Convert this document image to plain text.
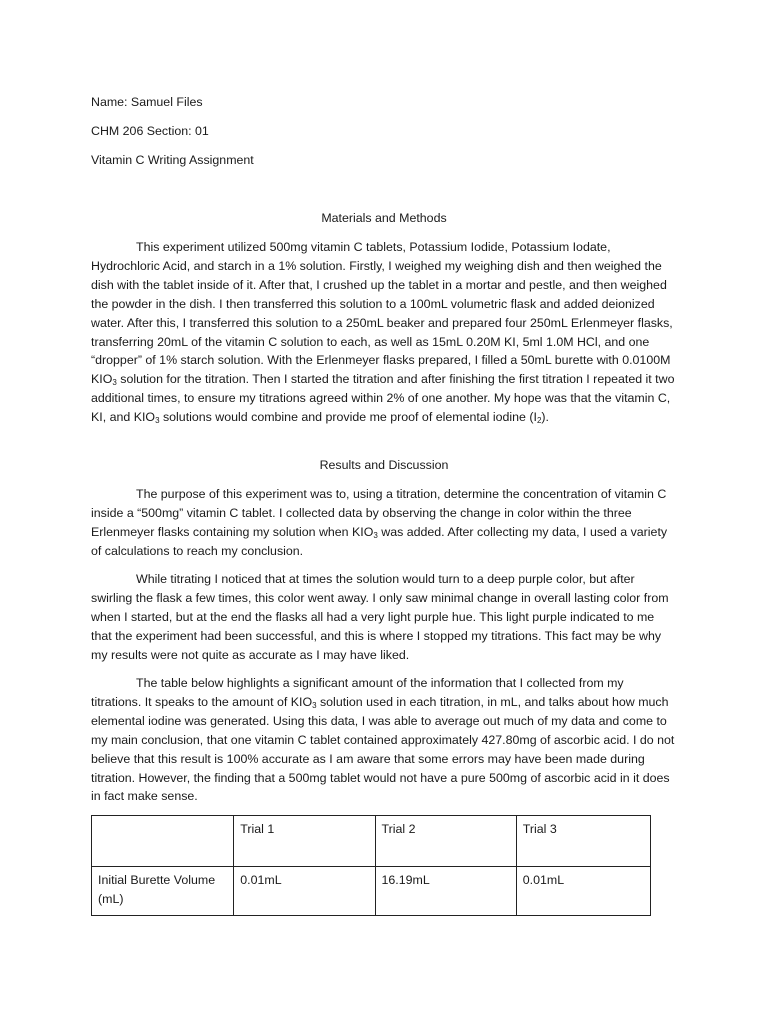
Name: Samuel Files
CHM 206 Section: 01
Vitamin C Writing Assignment
Materials and Methods

This experiment utilized 500mg vitamin C tablets, Potassium Iodide, Potassium Iodate, Hydrochloric Acid, and starch in a 1% solution. Firstly, I weighed my weighing dish and then weighed the dish with the tablet inside of it. After that, I crushed up the tablet in a mortar and pestle, and then weighed the powder in the dish. I then transferred this solution to a 100mL volumetric flask and added deionized water. After this, I transferred this solution to a 250mL beaker and prepared four 250mL Erlenmeyer flasks, transferring 20mL of the vitamin C solution to each, as well as 15mL 0.20M KI, 5ml 1.0M HCl, and one “dropper” of 1% starch solution. With the Erlenmeyer flasks prepared, I filled a 50mL burette with 0.0100M $KIO_3$ solution for the titration. Then I started the titration and after finishing the first titration I repeated it two additional times, to ensure my titrations agreed within 2% of one another. My hope was that the vitamin C, KI, and $KIO_3$ solutions would combine and provide me proof of elemental iodine $(I_2)$.

Results and Discussion

The purpose of this experiment was to, using a titration, determine the concentration of vitamin C inside a “500mg” vitamin C tablet. I collected data by observing the change in color within the three Erlenmeyer flasks containing my solution when $KIO_3$ was added. After collecting my data, I used a variety of calculations to reach my conclusion.

While titrating I noticed that at times the solution would turn to a deep purple color, but after swirling the flask a few times, this color went away. I only saw minimal change in overall lasting color from when I started, but at the end the flasks all had a very light purple hue. This light purple indicated to me that the experiment had been successful, and this is where I stopped my titrations. This fact may be why my results were not quite as accurate as I may have liked.

The table below highlights a significant amount of the information that I collected from my titrations. It speaks to the amount of $KIO_3$ solution used in each titration, in mL, and talks about how much elemental iodine was generated. Using this data, I was able to average out much of my data and come to my main conclusion, that one vitamin C tablet contained approximately 427.80mg of ascorbic acid. I do not believe that this result is 100% accurate as I am aware that some errors may have been made during titration. However, the finding that a 500mg tablet would not have a pure 500mg of ascorbic acid in it does in fact make sense.

	Trial 1	Trial 2	Trial 3
Initial Burette Volume (mL)	0.01mL	16.19mL	0.01mL
